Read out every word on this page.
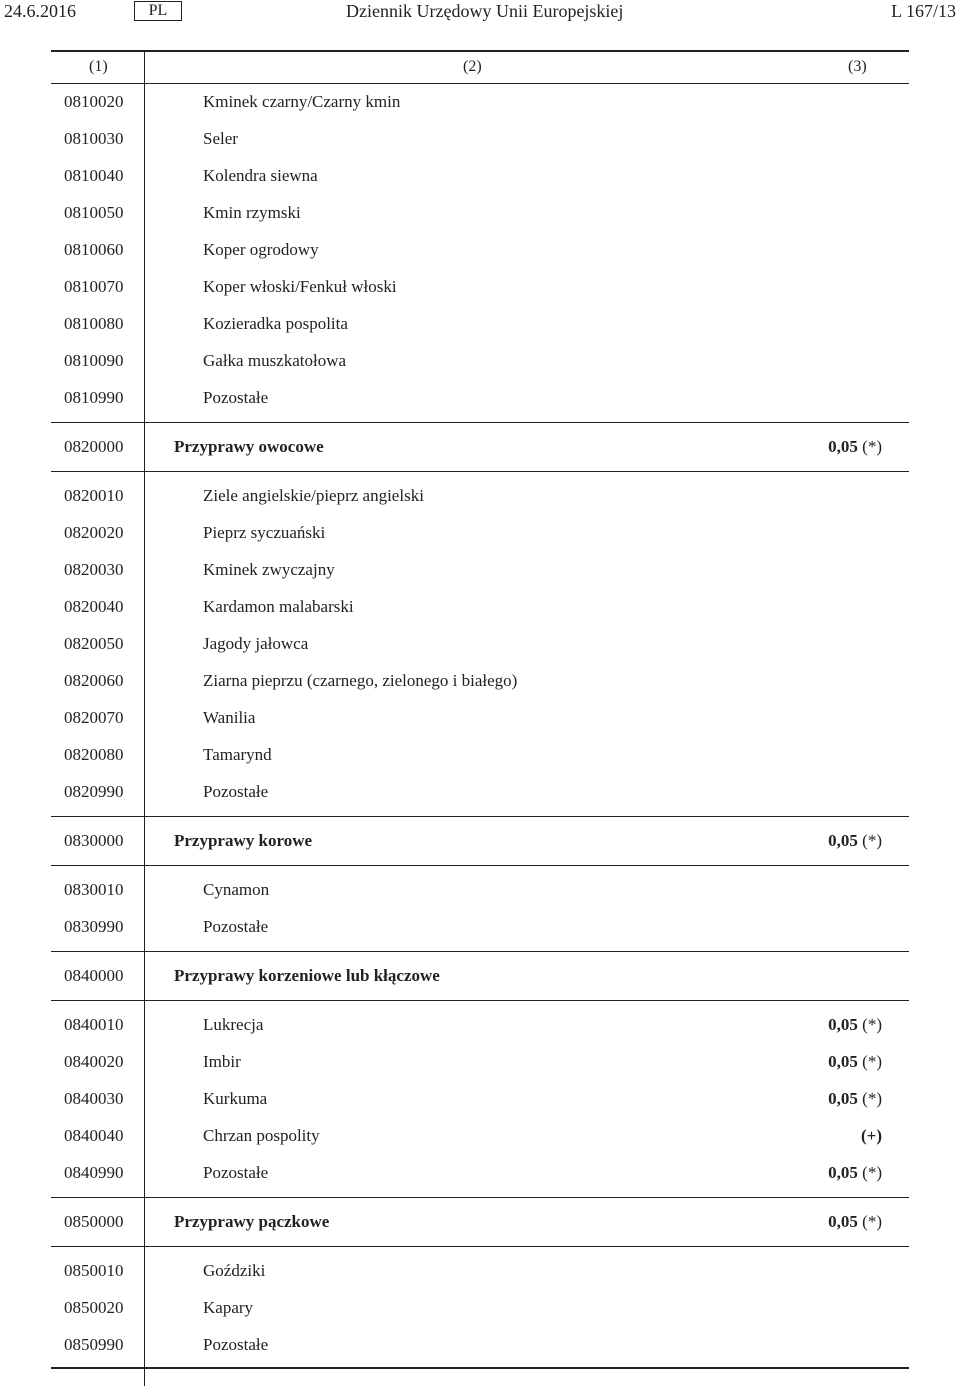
24.6.2016	PL	Dziennik Urzędowy Unii Europejskiej	L 167/13
(1)	(2)	(3)
0810020	Kminek czarny/Czarny kmin
0810030	Seler
0810040	Kolendra siewna
0810050	Kmin rzymski
0810060	Koper ogrodowy
0810070	Koper włoski/Fenkuł włoski
0810080	Kozieradka pospolita
0810090	Gałka muszkatołowa
0810990	Pozostałe
0820000	Przyprawy owocowe	0,05 (*)
0820010	Ziele angielskie/pieprz angielski
0820020	Pieprz syczuański
0820030	Kminek zwyczajny
0820040	Kardamon malabarski
0820050	Jagody jałowca
0820060	Ziarna pieprzu (czarnego, zielonego i białego)
0820070	Wanilia
0820080	Tamarynd
0820990	Pozostałe
0830000	Przyprawy korowe	0,05 (*)
0830010	Cynamon
0830990	Pozostałe
0840000	Przyprawy korzeniowe lub kłączowe
0840010	Lukrecja	0,05 (*)
0840020	Imbir	0,05 (*)
0840030	Kurkuma	0,05 (*)
0840040	Chrzan pospolity	(+)
0840990	Pozostałe	0,05 (*)
0850000	Przyprawy pączkowe	0,05 (*)
0850010	Goździki
0850020	Kapary
0850990	Pozostałe
